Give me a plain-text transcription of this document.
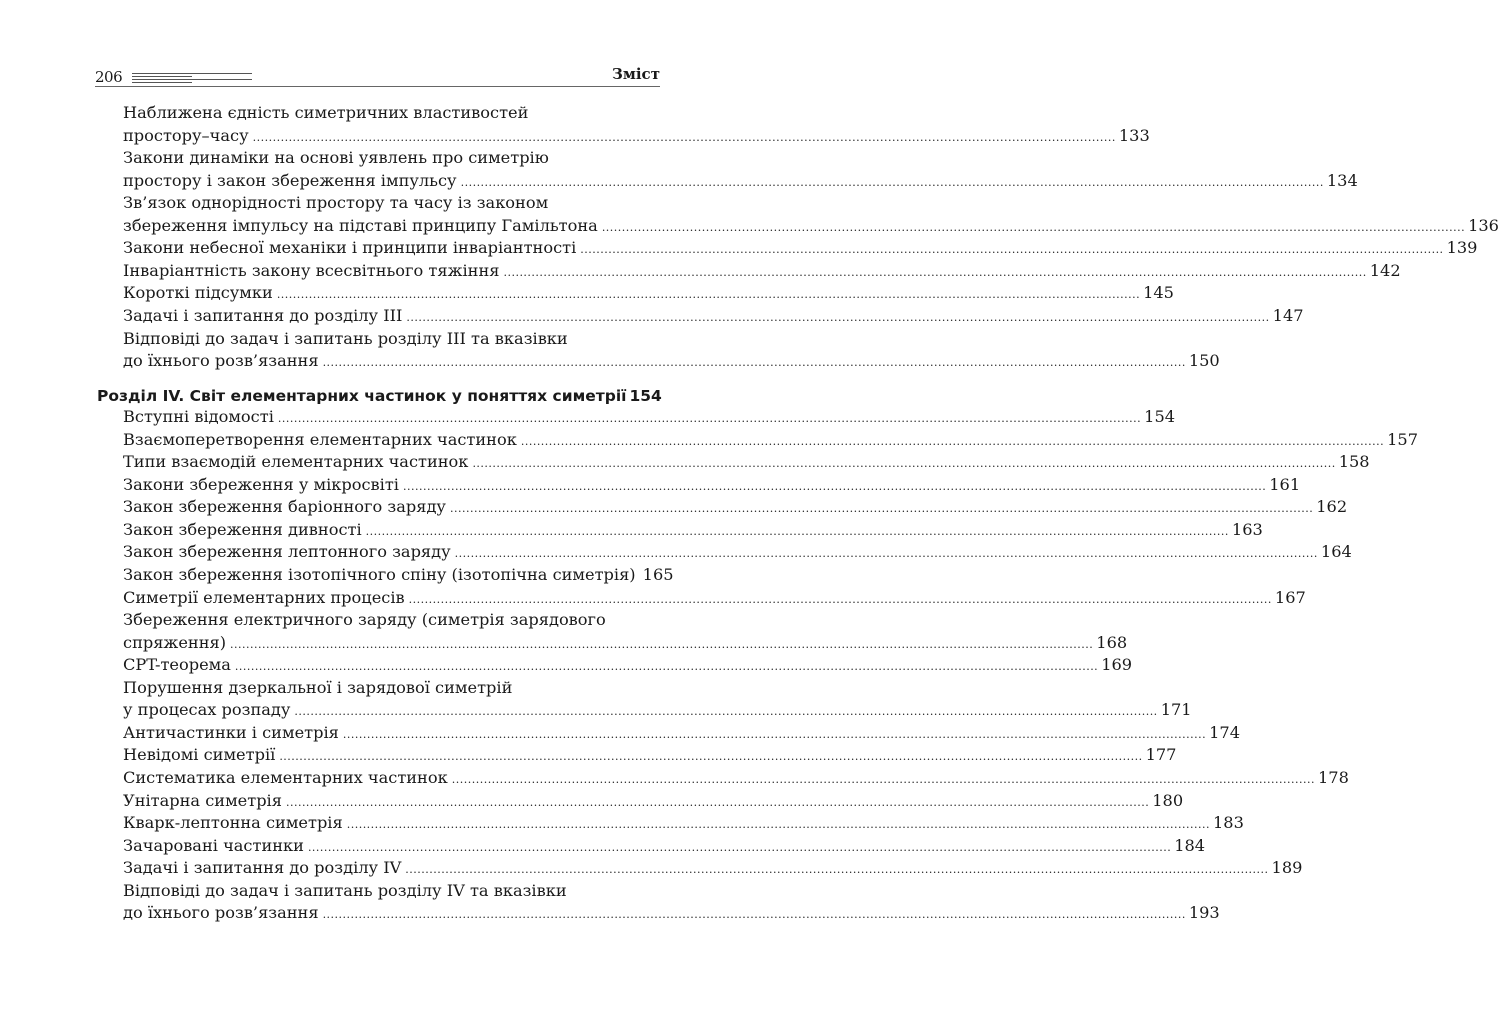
206	Зміст
Наближена єдність симетричних властивостей
простору–часу .....	133
Закони динаміки на основі уявлень про симетрію
простору і закон збереження імпульсу .....	134
Зв’язок однорідності простору та часу із законом
збереження імпульсу на підставі принципу Гамільтона .....	136
Закони небесної механіки і принципи інваріантності .....	139
Інваріантність закону всесвітнього тяжіння .....	142
Короткі підсумки .....	145
Задачі і запитання до розділу III .....	147
Відповіді до задач і запитань розділу III та вказівки
до їхнього розв’язання .....	150
Розділ IV. Світ елементарних частинок у поняттях симетрії 154
Вступні відомості .....	154
Взаємоперетворення елементарних частинок .....	157
Типи взаємодій елементарних частинок .....	158
Закони збереження у мікросвіті .....	161
Закон збереження баріонного заряду .....	162
Закон збереження дивності .....	163
Закон збереження лептонного заряду .....	164
Закон збереження ізотопічного спіну (ізотопічна симетрія) 165
Симетрії елементарних процесів .....	167
Збереження електричного заряду (симетрія зарядового
спряження) .....	168
CPT-теорема .....	169
Порушення дзеркальної і зарядової симетрій
у процесах розпаду .....	171
Античастинки і симетрія .....	174
Невідомі симетрії .....	177
Систематика елементарних частинок .....	178
Унітарна симетрія .....	180
Кварк-лептонна симетрія .....	183
Зачаровані частинки .....	184
Задачі і запитання до розділу IV .....	189
Відповіді до задач і запитань розділу IV та вказівки
до їхнього розв’язання .....	193
